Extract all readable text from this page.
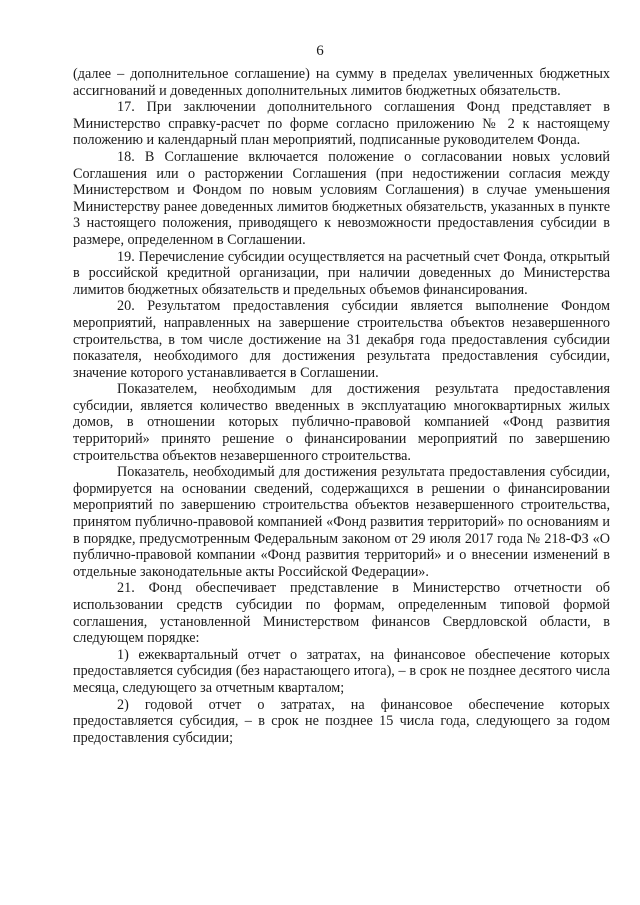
6

(далее – дополнительное соглашение) на сумму в пределах увеличенных бюджетных ассигнований и доведенных дополнительных лимитов бюджетных обязательств.

17. При заключении дополнительного соглашения Фонд представляет в Министерство справку-расчет по форме согласно приложению № 2 к настоящему положению и календарный план мероприятий, подписанные руководителем Фонда.

18. В Соглашение включается положение о согласовании новых условий Соглашения или о расторжении Соглашения (при недостижении согласия между Министерством и Фондом по новым условиям Соглашения) в случае уменьшения Министерству ранее доведенных лимитов бюджетных обязательств, указанных в пункте 3 настоящего положения, приводящего к невозможности предоставления субсидии в размере, определенном в Соглашении.

19. Перечисление субсидии осуществляется на расчетный счет Фонда, открытый в российской кредитной организации, при наличии доведенных до Министерства лимитов бюджетных обязательств и предельных объемов финансирования.

20. Результатом предоставления субсидии является выполнение Фондом мероприятий, направленных на завершение строительства объектов незавершенного строительства, в том числе достижение на 31 декабря года предоставления субсидии показателя, необходимого для достижения результата предоставления субсидии, значение которого устанавливается в Соглашении.

Показателем, необходимым для достижения результата предоставления субсидии, является количество введенных в эксплуатацию многоквартирных жилых домов, в отношении которых публично-правовой компанией «Фонд развития территорий» принято решение о финансировании мероприятий по завершению строительства объектов незавершенного строительства.

Показатель, необходимый для достижения результата предоставления субсидии, формируется на основании сведений, содержащихся в решении о финансировании мероприятий по завершению строительства объектов незавершенного строительства, принятом публично-правовой компанией «Фонд развития территорий» по основаниям и в порядке, предусмотренным Федеральным законом от 29 июля 2017 года № 218-ФЗ «О публично-правовой компании «Фонд развития территорий» и о внесении изменений в отдельные законодательные акты Российской Федерации».

21. Фонд обеспечивает представление в Министерство отчетности об использовании средств субсидии по формам, определенным типовой формой соглашения, установленной Министерством финансов Свердловской области, в следующем порядке:

1) ежеквартальный отчет о затратах, на финансовое обеспечение которых предоставляется субсидия (без нарастающего итога), – в срок не позднее десятого числа месяца, следующего за отчетным кварталом;

2) годовой отчет о затратах, на финансовое обеспечение которых предоставляется субсидия, – в срок не позднее 15 числа года, следующего за годом предоставления субсидии;
